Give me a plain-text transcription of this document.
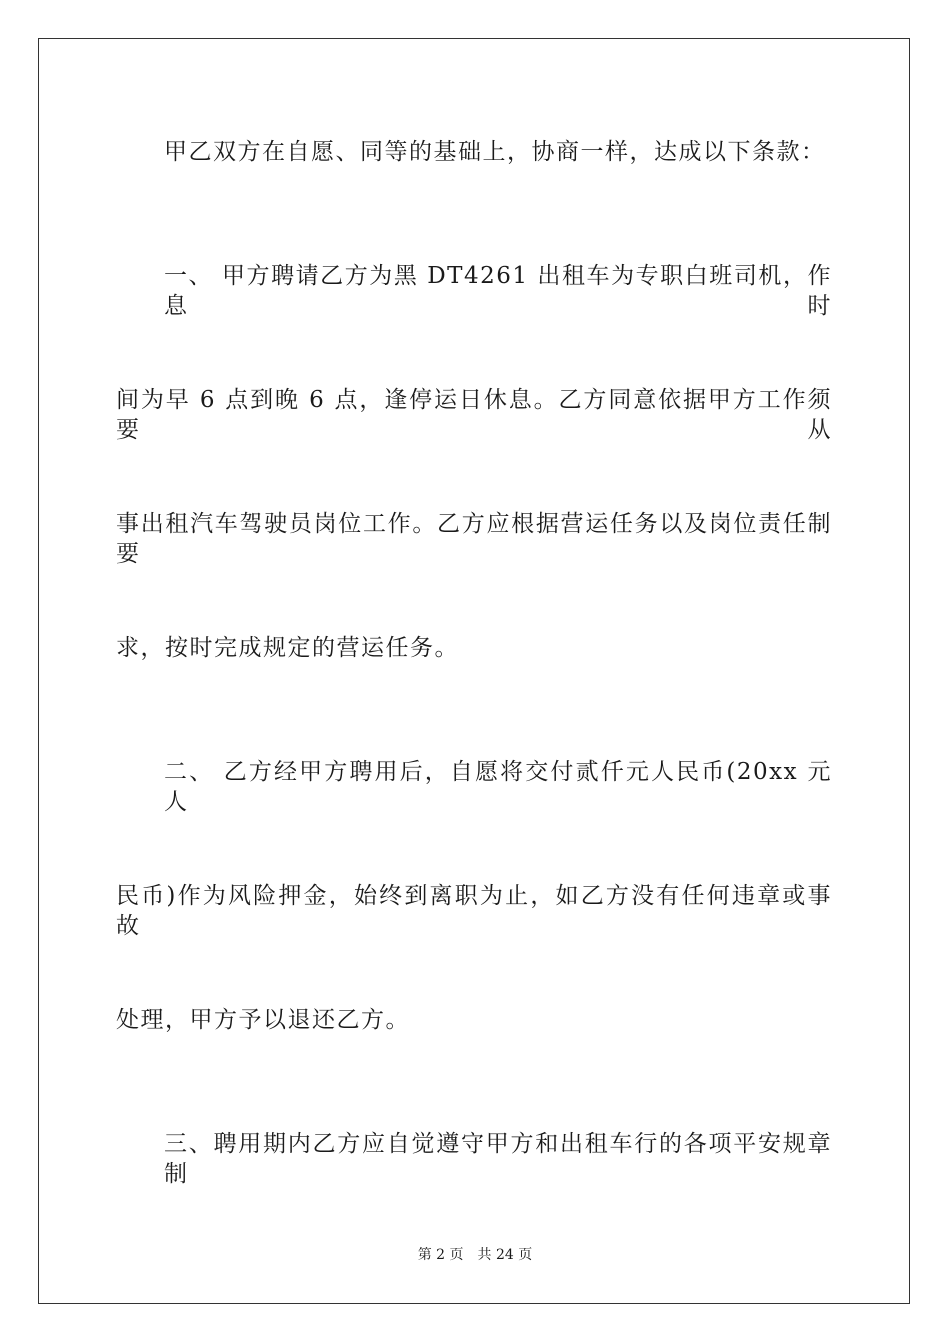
甲乙双方在自愿、同等的基础上，协商一样，达成以下条款：
一、 甲方聘请乙方为黑 DT4261 出租车为专职白班司机，作息时
间为早 6 点到晚 6 点，逢停运日休息。乙方同意依据甲方工作须要从
事出租汽车驾驶员岗位工作。乙方应根据营运任务以及岗位责任制要
求，按时完成规定的营运任务。
二、 乙方经甲方聘用后，自愿将交付贰仟元人民币(20xx 元人
民币)作为风险押金，始终到离职为止，如乙方没有任何违章或事故
处理，甲方予以退还乙方。
三、聘用期内乙方应自觉遵守甲方和出租车行的各项平安规章制
第 2 页 共 24 页
